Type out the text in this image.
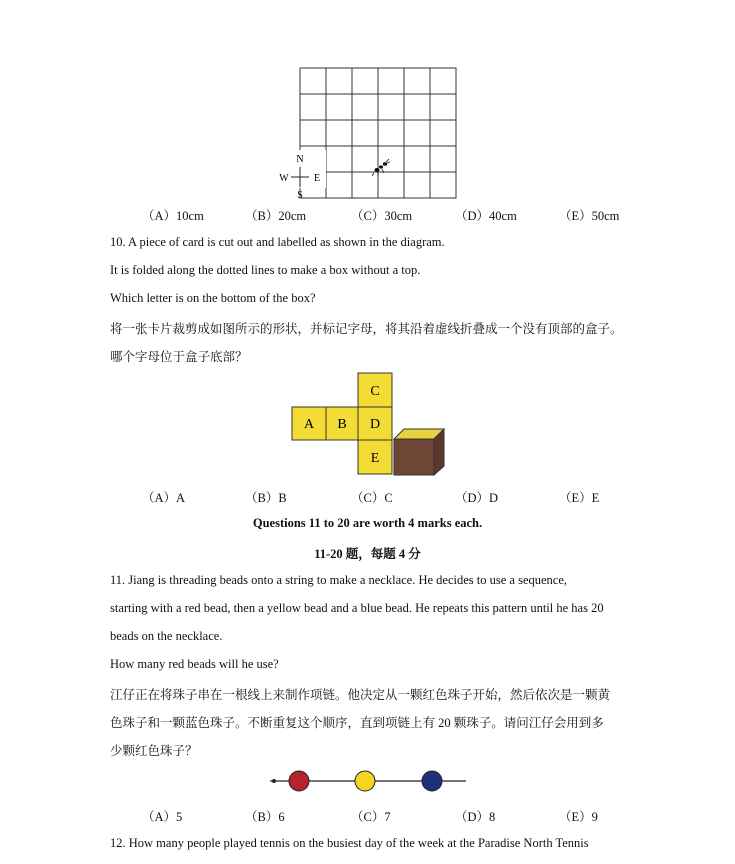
N
S
W	E
（A）10cm	（B）20cm	（C）30cm	（D）40cm	（E）50cm
10. A piece of card is cut out and labelled as shown in the diagram.
It is folded along the dotted lines to make a box without a top.
Which letter is on the bottom of the box?
将一张卡片裁剪成如图所示的形状，并标记字母，将其沿着虚线折叠成一个没有顶部的盒子。
哪个字母位于盒子底部？
C
A B D
E
（A）A	（B）B	（C）C	（D）D	（E）E
Questions 11 to 20 are worth 4 marks each.
11-20 题，每题 4 分
11. Jiang is threading beads onto a string to make a necklace. He decides to use a sequence,
starting with a red bead, then a yellow bead and a blue bead. He repeats this pattern until he has 20
beads on the necklace.
How many red beads will he use?
江仔正在将珠子串在一根线上来制作项链。他决定从一颗红色珠子开始，然后依次是一颗黄
色珠子和一颗蓝色珠子。不断重复这个顺序，直到项链上有 20 颗珠子。请问江仔会用到多
少颗红色珠子？
（A）5	（B）6	（C）7	（D）8	（E）9
12. How many people played tennis on the busiest day of the week at the Paradise North Tennis
